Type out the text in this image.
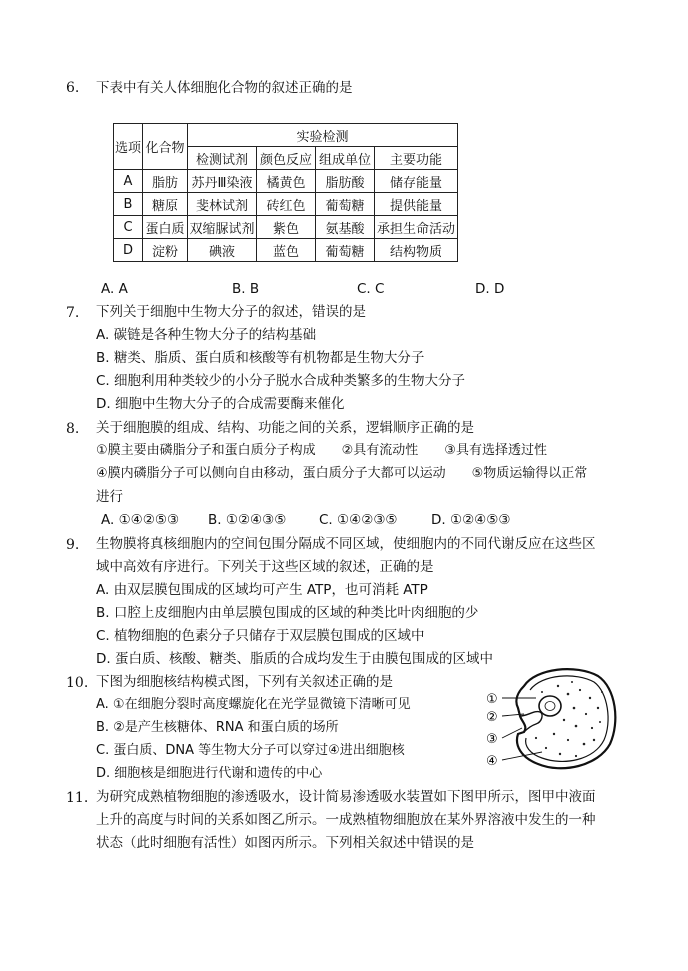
6. 下表中有关人体细胞化合物的叙述正确的是
选项	化合物	实验检测			
		检测试剂	颜色反应	组成单位	主要功能
A	脂肪	苏丹Ⅲ染液	橘黄色	脂肪酸	储存能量
B	糖原	斐林试剂	砖红色	葡萄糖	提供能量
C	蛋白质	双缩脲试剂	紫色	氨基酸	承担生命活动
D	淀粉	碘液	蓝色	葡萄糖	结构物质
A. A	B. B	C. C	D. D
7. 下列关于细胞中生物大分子的叙述，错误的是
A. 碳链是各种生物大分子的结构基础
B. 糖类、脂质、蛋白质和核酸等有机物都是生物大分子
C. 细胞利用种类较少的小分子脱水合成种类繁多的生物大分子
D. 细胞中生物大分子的合成需要酶来催化
8. 关于细胞膜的组成、结构、功能之间的关系，逻辑顺序正确的是
①膜主要由磷脂分子和蛋白质分子构成　　②具有流动性　　③具有选择透过性
④膜内磷脂分子可以侧向自由移动，蛋白质分子大都可以运动　　⑤物质运输得以正常
进行
A. ①④②⑤③ B. ①②④③⑤ C. ①④②③⑤ D. ①②④⑤③
9. 生物膜将真核细胞内的空间包围分隔成不同区域，使细胞内的不同代谢反应在这些区
域中高效有序进行。下列关于这些区域的叙述，正确的是
A. 由双层膜包围成的区域均可产生 ATP，也可消耗 ATP
B. 口腔上皮细胞内由单层膜包围成的区域的种类比叶肉细胞的少
C. 植物细胞的色素分子只储存于双层膜包围成的区域中
D. 蛋白质、核酸、糖类、脂质的合成均发生于由膜包围成的区域中
10. 下图为细胞核结构模式图，下列有关叙述正确的是
A. ①在细胞分裂时高度螺旋化在光学显微镜下清晰可见
B. ②是产生核糖体、RNA 和蛋白质的场所
C. 蛋白质、DNA 等生物大分子可以穿过④进出细胞核
D. 细胞核是细胞进行代谢和遗传的中心
①
②
③
④
11. 为研究成熟植物细胞的渗透吸水，设计简易渗透吸水装置如下图甲所示，图甲中液面
上升的高度与时间的关系如图乙所示。一成熟植物细胞放在某外界溶液中发生的一种
状态（此时细胞有活性）如图丙所示。下列相关叙述中错误的是
